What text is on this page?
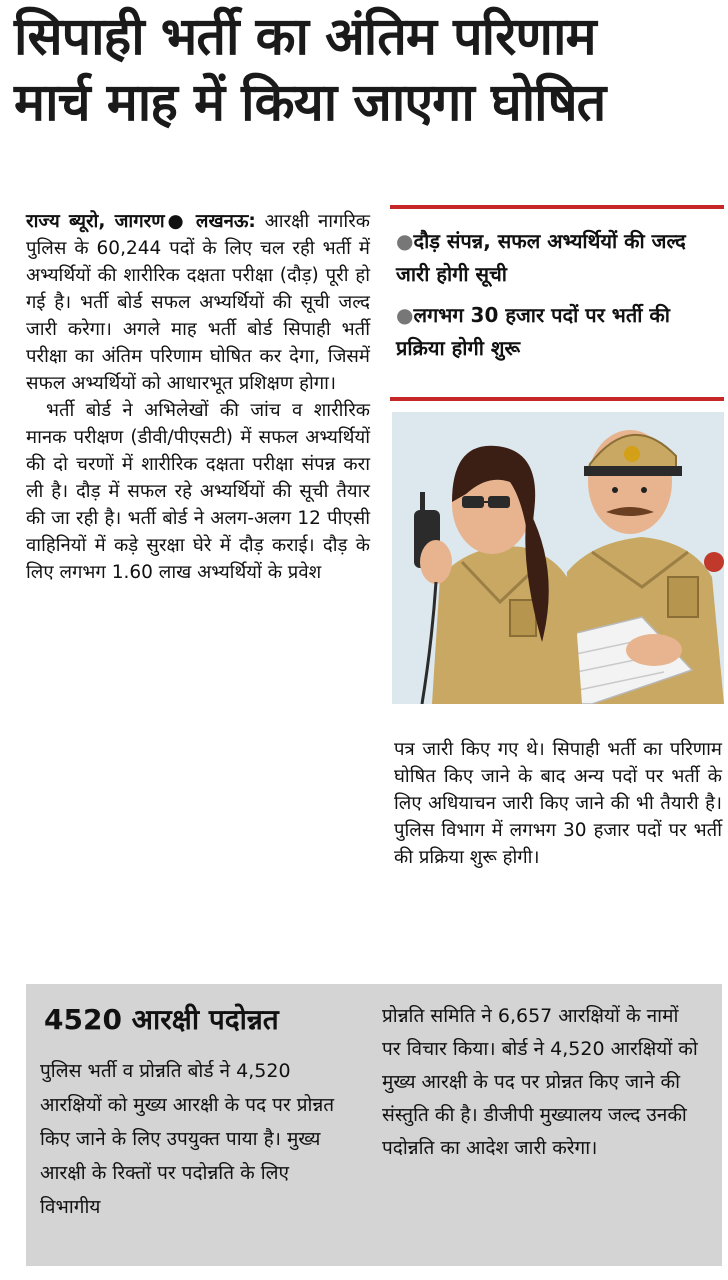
सिपाही भर्ती का अंतिम परिणाम
मार्च माह में किया जाएगा घोषित

राज्य ब्यूरो, जागरण● लखनऊ: आरक्षी नागरिक पुलिस के 60,244 पदों के लिए चल रही भर्ती में अभ्यर्थियों की शारीरिक दक्षता परीक्षा (दौड़) पूरी हो गई है। भर्ती बोर्ड सफल अभ्यर्थियों की सूची जल्द जारी करेगा। अगले माह भर्ती बोर्ड सिपाही भर्ती परीक्षा का अंतिम परिणाम घोषित कर देगा, जिसमें सफल अभ्यर्थियों को आधारभूत प्रशिक्षण होगा।

भर्ती बोर्ड ने अभिलेखों की जांच व शारीरिक मानक परीक्षण (डीवी/पीएसटी) में सफल अभ्यर्थियों की दो चरणों में शारीरिक दक्षता परीक्षा संपन्न करा ली है। दौड़ में सफल रहे अभ्यर्थियों की सूची तैयार की जा रही है। भर्ती बोर्ड ने अलग-अलग 12 पीएसी वाहिनियों में कड़े सुरक्षा घेरे में दौड़ कराई। दौड़ के लिए लगभग 1.60 लाख अभ्यर्थियों के प्रवेश

●दौड़ संपन्न, सफल अभ्यर्थियों की जल्द जारी होगी सूची
●लगभग 30 हजार पदों पर भर्ती की प्रक्रिया होगी शुरू

पत्र जारी किए गए थे। सिपाही भर्ती का परिणाम घोषित किए जाने के बाद अन्य पदों पर भर्ती के लिए अधियाचन जारी किए जाने की भी तैयारी है। पुलिस विभाग में लगभग 30 हजार पदों पर भर्ती की प्रक्रिया शुरू होगी।

4520 आरक्षी पदोन्नत

पुलिस भर्ती व प्रोन्नति बोर्ड ने 4,520 आरक्षियों को मुख्य आरक्षी के पद पर प्रोन्नत किए जाने के लिए उपयुक्त पाया है। मुख्य आरक्षी के रिक्तों पर पदोन्नति के लिए विभागीय

प्रोन्नति समिति ने 6,657 आरक्षियों के नामों पर विचार किया। बोर्ड ने 4,520 आरक्षियों को मुख्य आरक्षी के पद पर प्रोन्नत किए जाने की संस्तुति की है। डीजीपी मुख्यालय जल्द उनकी पदोन्नति का आदेश जारी करेगा।
